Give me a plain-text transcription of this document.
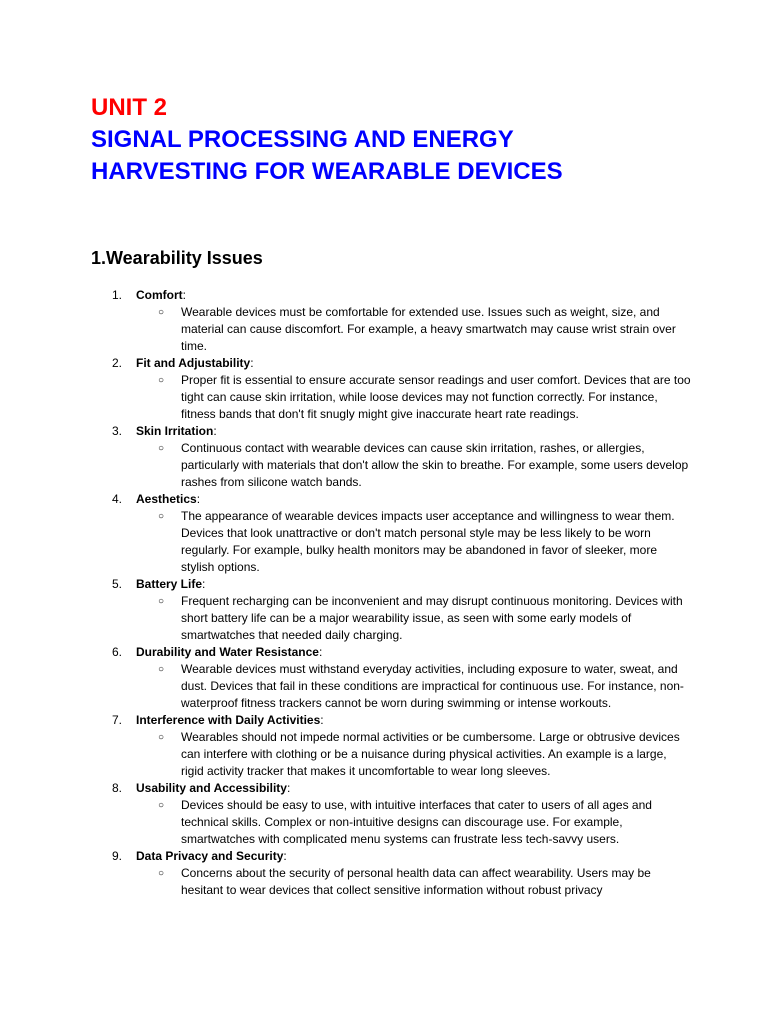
UNIT 2
SIGNAL PROCESSING AND ENERGY HARVESTING FOR WEARABLE DEVICES
1.Wearability Issues
1. Comfort:
○ Wearable devices must be comfortable for extended use. Issues such as weight, size, and material can cause discomfort. For example, a heavy smartwatch may cause wrist strain over time.
2. Fit and Adjustability:
○ Proper fit is essential to ensure accurate sensor readings and user comfort. Devices that are too tight can cause skin irritation, while loose devices may not function correctly. For instance, fitness bands that don't fit snugly might give inaccurate heart rate readings.
3. Skin Irritation:
○ Continuous contact with wearable devices can cause skin irritation, rashes, or allergies, particularly with materials that don't allow the skin to breathe. For example, some users develop rashes from silicone watch bands.
4. Aesthetics:
○ The appearance of wearable devices impacts user acceptance and willingness to wear them. Devices that look unattractive or don't match personal style may be less likely to be worn regularly. For example, bulky health monitors may be abandoned in favor of sleeker, more stylish options.
5. Battery Life:
○ Frequent recharging can be inconvenient and may disrupt continuous monitoring. Devices with short battery life can be a major wearability issue, as seen with some early models of smartwatches that needed daily charging.
6. Durability and Water Resistance:
○ Wearable devices must withstand everyday activities, including exposure to water, sweat, and dust. Devices that fail in these conditions are impractical for continuous use. For instance, non-waterproof fitness trackers cannot be worn during swimming or intense workouts.
7. Interference with Daily Activities:
○ Wearables should not impede normal activities or be cumbersome. Large or obtrusive devices can interfere with clothing or be a nuisance during physical activities. An example is a large, rigid activity tracker that makes it uncomfortable to wear long sleeves.
8. Usability and Accessibility:
○ Devices should be easy to use, with intuitive interfaces that cater to users of all ages and technical skills. Complex or non-intuitive designs can discourage use. For example, smartwatches with complicated menu systems can frustrate less tech-savvy users.
9. Data Privacy and Security:
○ Concerns about the security of personal health data can affect wearability. Users may be hesitant to wear devices that collect sensitive information without robust privacy
